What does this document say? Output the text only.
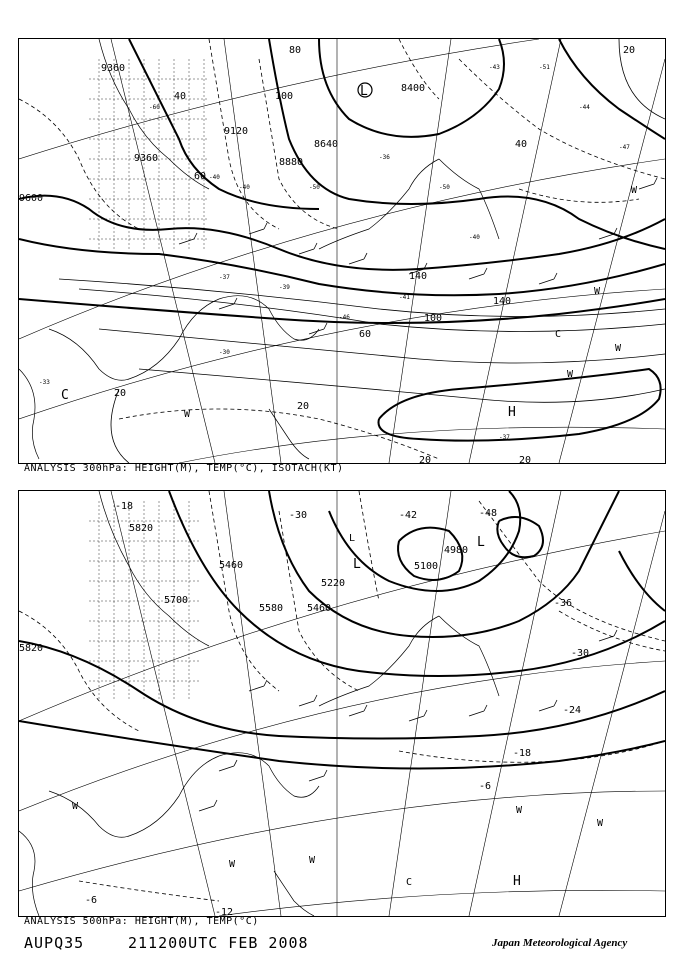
9600
9120
9360	8880
8640
8400
9360
20
40
60
80
100
140
140
100
60
40
20
20	20
20
-60
-40
-40	-50
-36
-50
-43	-51
-44
-47
-40
-41
-37
-39
-46
-33
-30
-37
L
H
C
W
W
W
W
W
C
ANALYSIS 300hPa: HEIGHT(M), TEMP(°C), ISOTACH(KT)
5700
5820
5460
5580 5460
5220
5100
4980
5820
-6
-18
-24
-30
-36
-42	-48
-30
-18
-12
-6
L
L
L
H
W
W	W
W
W
C
ANALYSIS 500hPa: HEIGHT(M), TEMP(°C)
AUPQ35	211200UTC FEB 2008	Japan Meteorological Agency
